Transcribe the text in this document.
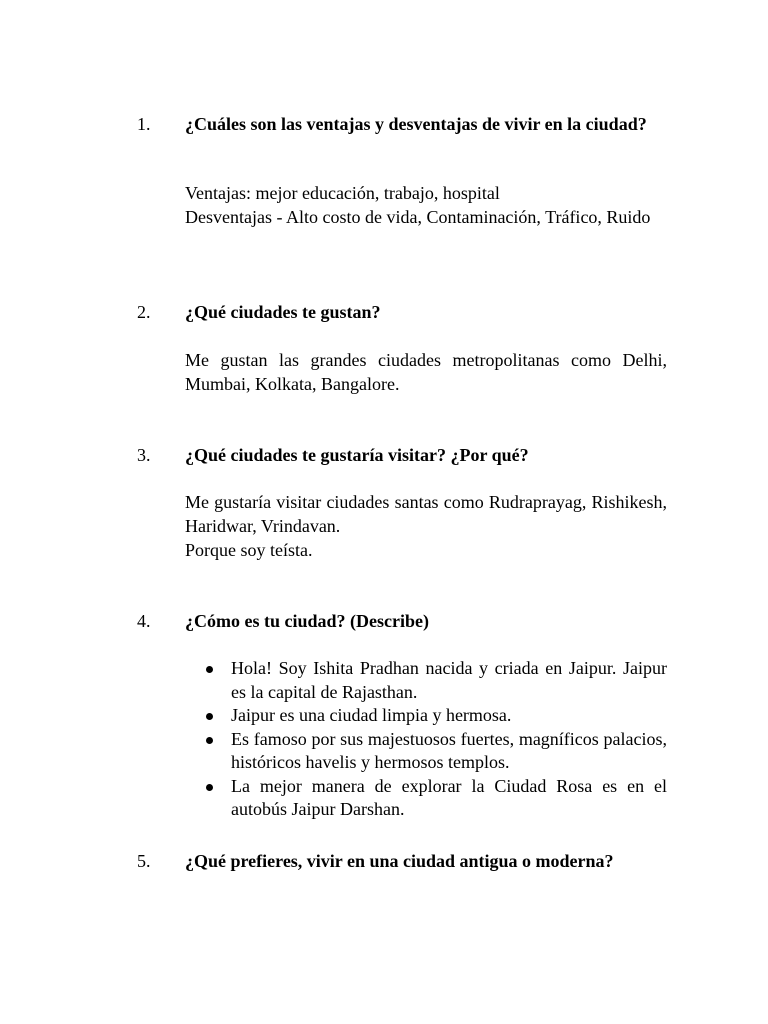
1. ¿Cuáles son las ventajas y desventajas de vivir en la ciudad?

Ventajas: mejor educación, trabajo, hospital

Desventajas - Alto costo de vida, Contaminación, Tráfico, Ruido

2. ¿Qué ciudades te gustan?

Me gustan las grandes ciudades metropolitanas como Delhi, Mumbai, Kolkata, Bangalore.

3. ¿Qué ciudades te gustaría visitar? ¿Por qué?

Me gustaría visitar ciudades santas como Rudraprayag, Rishikesh, Haridwar, Vrindavan.

Porque soy teísta.

4. ¿Cómo es tu ciudad? (Describe)
Hola! Soy Ishita Pradhan nacida y criada en Jaipur. Jaipur es la capital de Rajasthan.
Jaipur es una ciudad limpia y hermosa.
Es famoso por sus majestuosos fuertes, magníficos palacios, históricos havelis y hermosos templos.
La mejor manera de explorar la Ciudad Rosa es en el autobús Jaipur Darshan.
5. ¿Qué prefieres, vivir en una ciudad antigua o moderna?
